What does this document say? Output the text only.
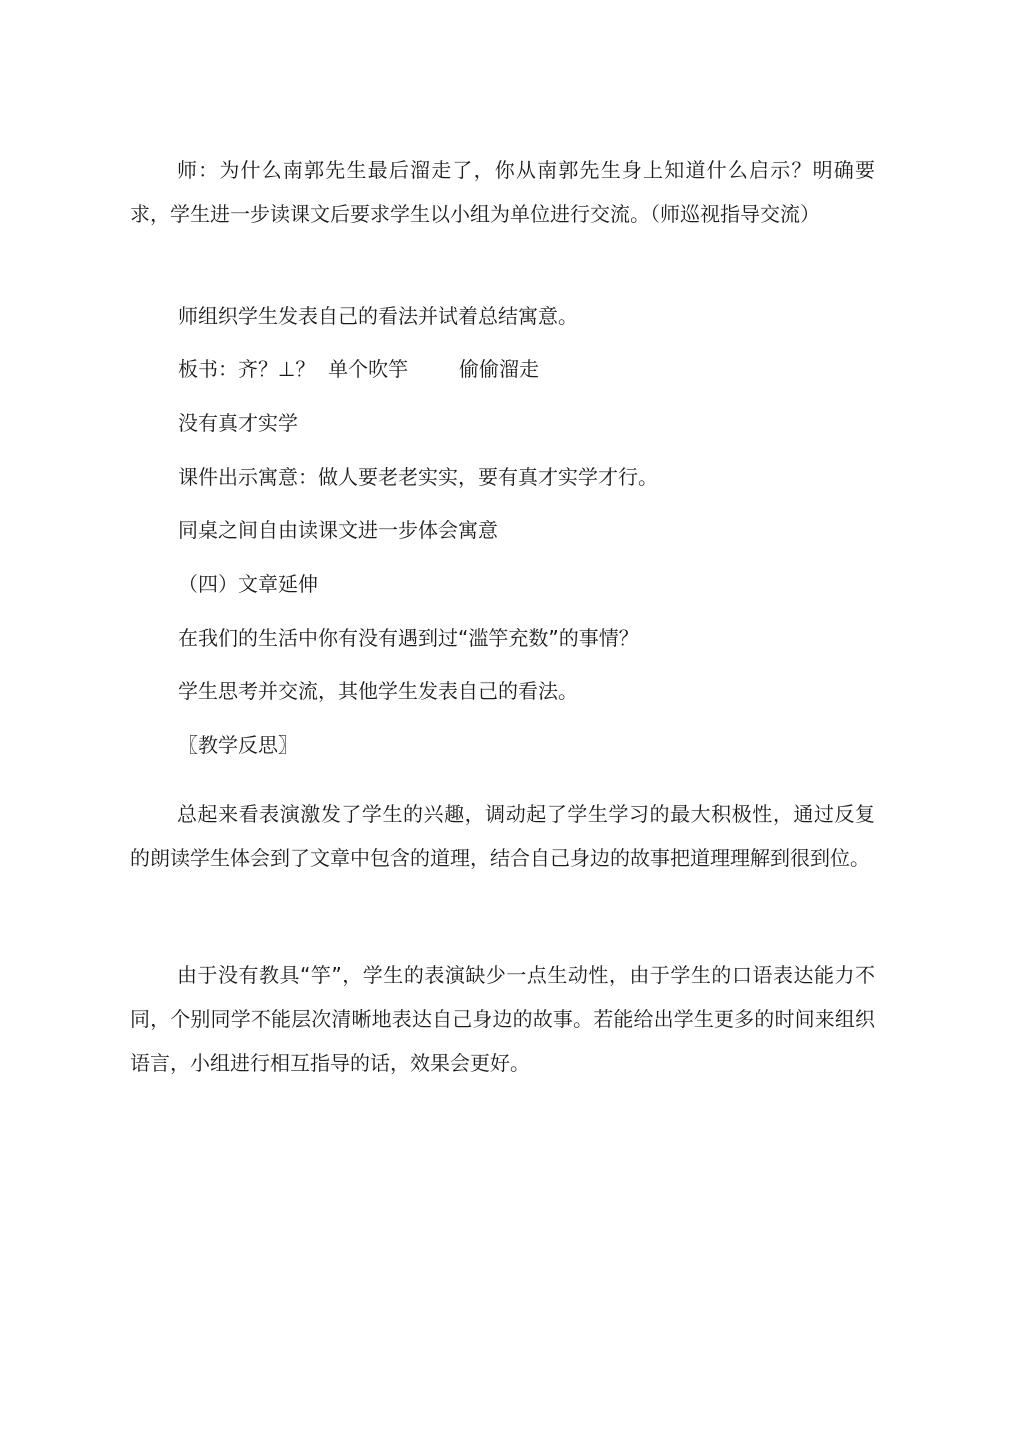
师：为什么南郭先生最后溜走了，你从南郭先生身上知道什么启示？明确要求，学生进一步读课文后要求学生以小组为单位进行交流。（师巡视指导交流）
师组织学生发表自己的看法并试着总结寓意。
板书：齐？⊥？  单个吹竽        偷偷溜走
没有真才实学
课件出示寓意：做人要老老实实，要有真才实学才行。
同桌之间自由读课文进一步体会寓意
（四）文章延伸
在我们的生活中你有没有遇到过“滥竽充数”的事情？
学生思考并交流，其他学生发表自己的看法。
〖教学反思〗
总起来看表演激发了学生的兴趣，调动起了学生学习的最大积极性，通过反复的朗读学生体会到了文章中包含的道理，结合自己身边的故事把道理理解到很到位。
由于没有教具“竽”，学生的表演缺少一点生动性，由于学生的口语表达能力不同，个别同学不能层次清晰地表达自己身边的故事。若能给出学生更多的时间来组织语言，小组进行相互指导的话，效果会更好。
